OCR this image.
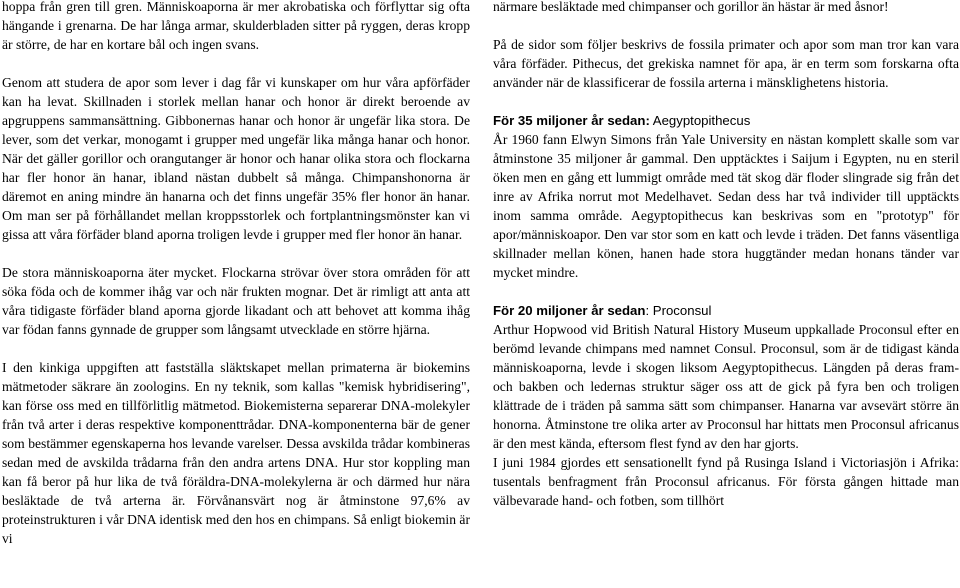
hoppa från gren till gren. Människoaporna är mer akrobatiska och förflyttar sig ofta hängande i grenarna. De har långa armar, skulderbladen sitter på ryggen, deras kropp är större, de har en kortare bål och ingen svans.

Genom att studera de apor som lever i dag får vi kunskaper om hur våra apförfäder kan ha levat. Skillnaden i storlek mellan hanar och honor är direkt beroende av apgruppens sammansättning. Gibbonernas hanar och honor är ungefär lika stora. De lever, som det verkar, monogamt i grupper med ungefär lika många hanar och honor. När det gäller gorillor och orangutanger är honor och hanar olika stora och flockarna har fler honor än hanar, ibland nästan dubbelt så många. Chimpanshonorna är däremot en aning mindre än hanarna och det finns ungefär 35% fler honor än hanar. Om man ser på förhållandet mellan kroppsstorlek och fortplantningsmönster kan vi gissa att våra förfäder bland aporna troligen levde i grupper med fler honor än hanar.

De stora människoaporna äter mycket. Flockarna strövar över stora områden för att söka föda och de kommer ihåg var och när frukten mognar. Det är rimligt att anta att våra tidigaste förfäder bland aporna gjorde likadant och att behovet att komma ihåg var födan fanns gynnade de grupper som långsamt utvecklade en större hjärna.

I den kinkiga uppgiften att fastställa släktskapet mellan primaterna är biokemins mätmetoder säkrare än zoologins. En ny teknik, som kallas "kemisk hybridisering", kan förse oss med en tillförlitlig mätmetod. Biokemisterna separerar DNA-molekyler från två arter i deras respektive komponenttrådar. DNA-komponenterna bär de gener som bestämmer egenskaperna hos levande varelser. Dessa avskilda trådar kombineras sedan med de avskilda trådarna från den andra artens DNA. Hur stor koppling man kan få beror på hur lika de två föräldra-DNA-molekylerna är och därmed hur nära besläktade de två arterna är. Förvånansvärt nog är åtminstone 97,6% av proteinstrukturen i vår DNA identisk med den hos en chimpans. Så enligt biokemin är vi

närmare besläktade med chimpanser och gorillor än hästar är med åsnor!

På de sidor som följer beskrivs de fossila primater och apor som man tror kan vara våra förfäder. Pithecus, det grekiska namnet för apa, är en term som forskarna ofta använder när de klassificerar de fossila arterna i mänsklighetens historia.

För 35 miljoner år sedan: Aegyptopithecus

År 1960 fann Elwyn Simons från Yale University en nästan komplett skalle som var åtminstone 35 miljoner år gammal. Den upptäcktes i Saijum i Egypten, nu en steril öken men en gång ett lummigt område med tät skog där floder slingrade sig från det inre av Afrika norrut mot Medelhavet. Sedan dess har två individer till upptäckts inom samma område. Aegyptopithecus kan beskrivas som en "prototyp" för apor/människoapor. Den var stor som en katt och levde i träden. Det fanns väsentliga skillnader mellan könen, hanen hade stora huggtänder medan honans tänder var mycket mindre.

För 20 miljoner år sedan: Proconsul

Arthur Hopwood vid British Natural History Museum uppkallade Proconsul efter en berömd levande chimpans med namnet Consul. Proconsul, som är de tidigast kända människoaporna, levde i skogen liksom Aegyptopithecus. Längden på deras fram- och bakben och ledernas struktur säger oss att de gick på fyra ben och troligen klättrade de i träden på samma sätt som chimpanser. Hanarna var avsevärt större än honorna. Åtminstone tre olika arter av Proconsul har hittats men Proconsul africanus är den mest kända, eftersom flest fynd av den har gjorts.

I juni 1984 gjordes ett sensationellt fynd på Rusinga Island i Victoriasjön i Afrika: tusentals benfragment från Proconsul africanus. För första gången hittade man välbevarade hand- och fotben, som tillhört
